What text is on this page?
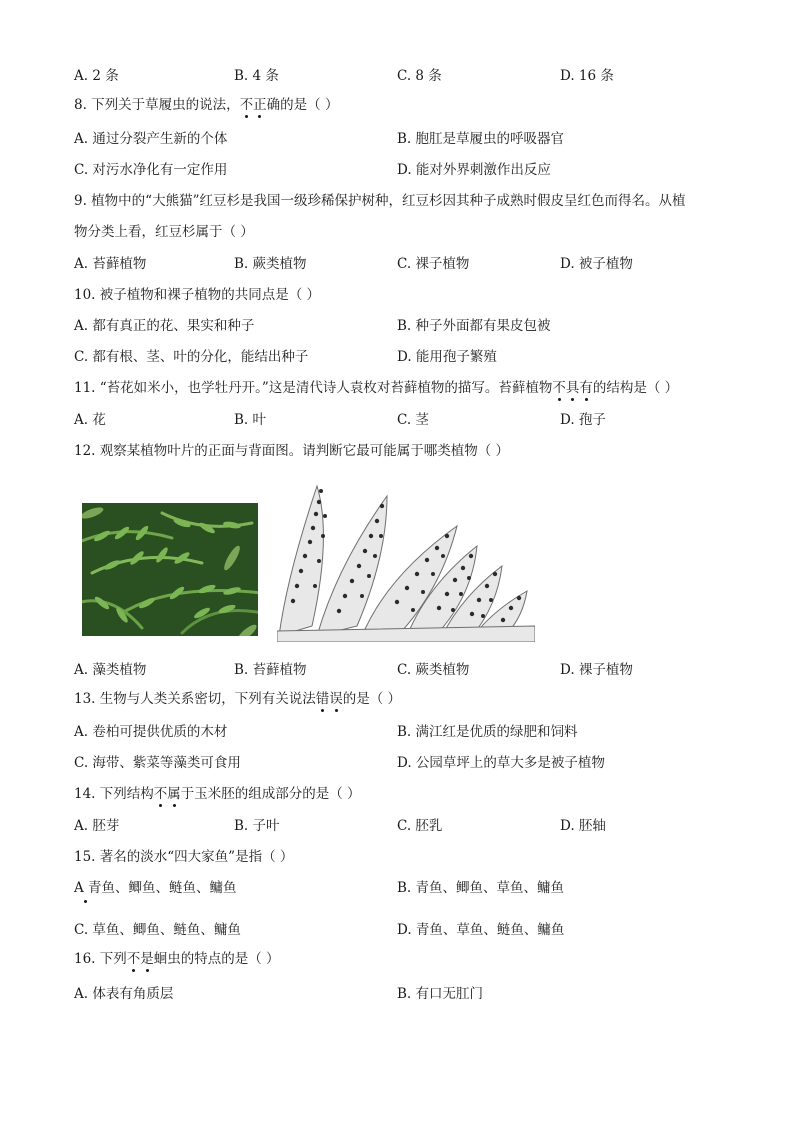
A. 2 条	B. 4 条	C. 8 条	D. 16 条
8. 下列关于草履虫的说法，不正确的是（ ）
A. 通过分裂产生新的个体	B. 胞肛是草履虫的呼吸器官
C. 对污水净化有一定作用	D. 能对外界刺激作出反应
9. 植物中的“大熊猫”红豆杉是我国一级珍稀保护树种，红豆杉因其种子成熟时假皮呈红色而得名。从植
物分类上看，红豆杉属于（ ）
A. 苔藓植物	B. 蕨类植物	C. 裸子植物	D. 被子植物
10. 被子植物和裸子植物的共同点是（ ）
A. 都有真正的花、果实和种子	B. 种子外面都有果皮包被
C. 都有根、茎、叶的分化，能结出种子	D. 能用孢子繁殖
11. “苔花如米小，也学牡丹开。”这是清代诗人袁枚对苔藓植物的描写。苔藓植物不具有的结构是（ ）
A. 花	B. 叶	C. 茎	D. 孢子
12. 观察某植物叶片的正面与背面图。请判断它最可能属于哪类植物（ ）
A. 藻类植物	B. 苔藓植物	C. 蕨类植物	D. 裸子植物
13. 生物与人类关系密切，下列有关说法错误的是（ ）
A. 卷柏可提供优质的木材	B. 满江红是优质的绿肥和饲料
C. 海带、紫菜等藻类可食用	D. 公园草坪上的草大多是被子植物
14. 下列结构不属于玉米胚的组成部分的是（ ）
A. 胚芽	B. 子叶	C. 胚乳	D. 胚轴
15. 著名的淡水“四大家鱼”是指（ ）
A 青鱼、鲫鱼、鲢鱼、鳙鱼	B. 青鱼、鲫鱼、草鱼、鳙鱼
C. 草鱼、鲫鱼、鲢鱼、鳙鱼	D. 青鱼、草鱼、鲢鱼、鳙鱼
16. 下列不是蛔虫的特点的是（ ）
A. 体表有角质层	B. 有口无肛门
